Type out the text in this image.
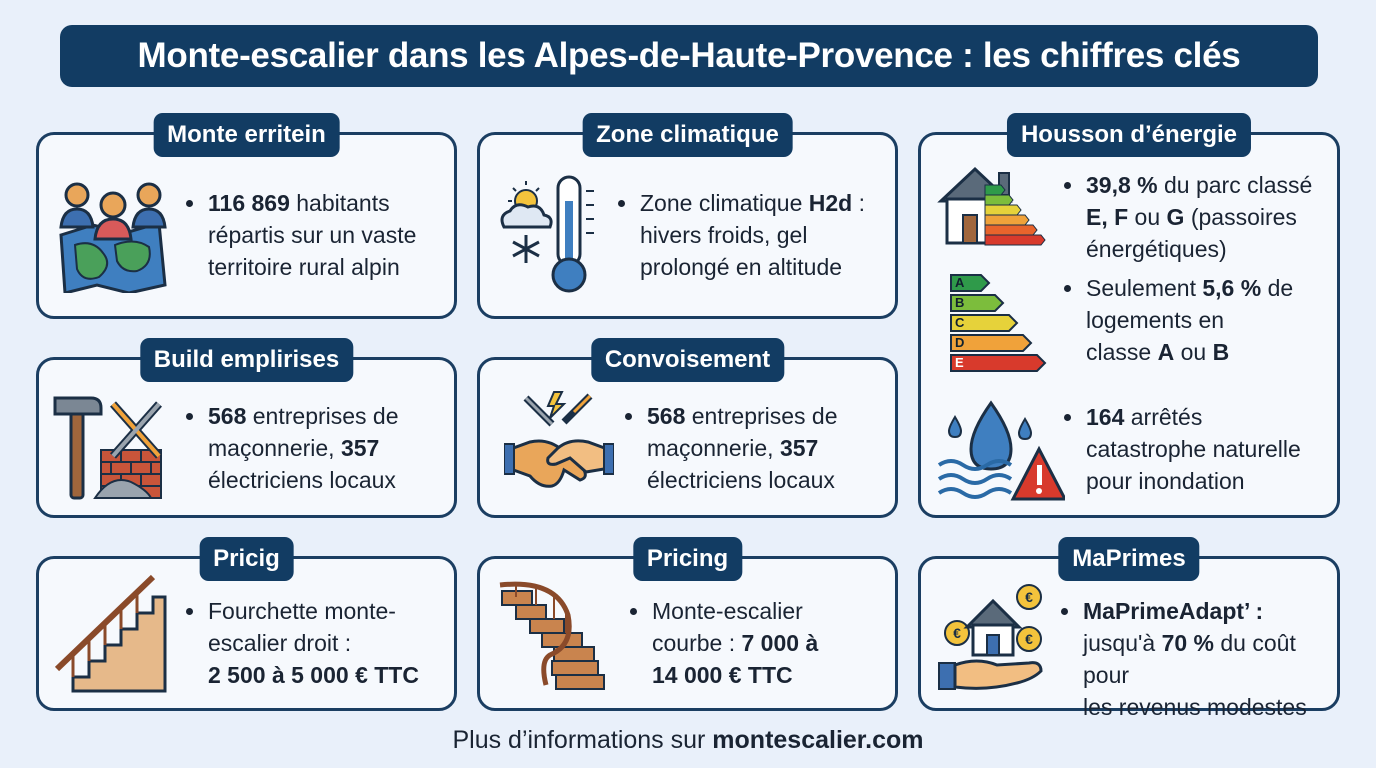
Monte-escalier dans les Alpes-de-Haute-Provence : les chiffres clés
Monte erritein
116 869 habitants
répartis sur un vaste
territoire rural alpin
Zone climatique
Zone climatique H2d :
hivers froids, gel
prolongé en altitude
Housson d’énergie
A
B
C
D
E
39,8 % du parc classé
E, F ou G (passoires
énergétiques)
Seulement 5,6 % de
logements en
classe A ou B
164 arrêtés
catastrophe naturelle
pour inondation
Build emplirises
568 entreprises de
maçonnerie, 357
électriciens locaux
Convoisement
568 entreprises de
maçonnerie, 357
électriciens locaux
Pricig
Fourchette monte-
escalier droit :
2 500 à 5 000 € TTC
Pricing
Monte-escalier
courbe : 7 000 à
14 000 € TTC
MaPrimes
€
€	€
MaPrimeAdapt’ :
jusqu'à 70 % du coût pour
les revenus modestes
Plus d’informations sur montescalier.com
